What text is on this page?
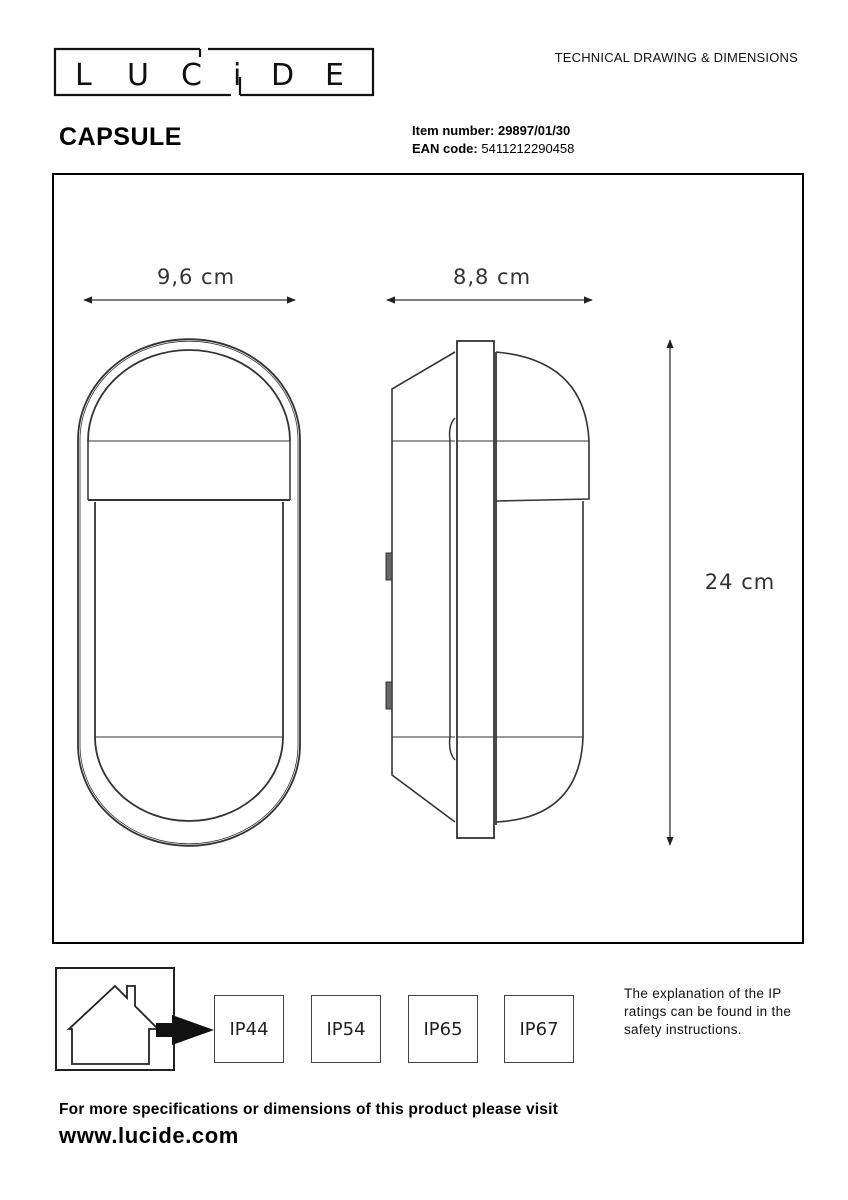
L U C i D E
TECHNICAL DRAWING & DIMENSIONS
CAPSULE	Item number: 29897/01/30
EAN code: 5411212290458
9,6 cm	8,8 cm
24 cm
IP44	IP54	IP65	IP67
The explanation of the IP ratings can be found in the safety instructions.
For more specifications or dimensions of this product please visit
www.lucide.com
